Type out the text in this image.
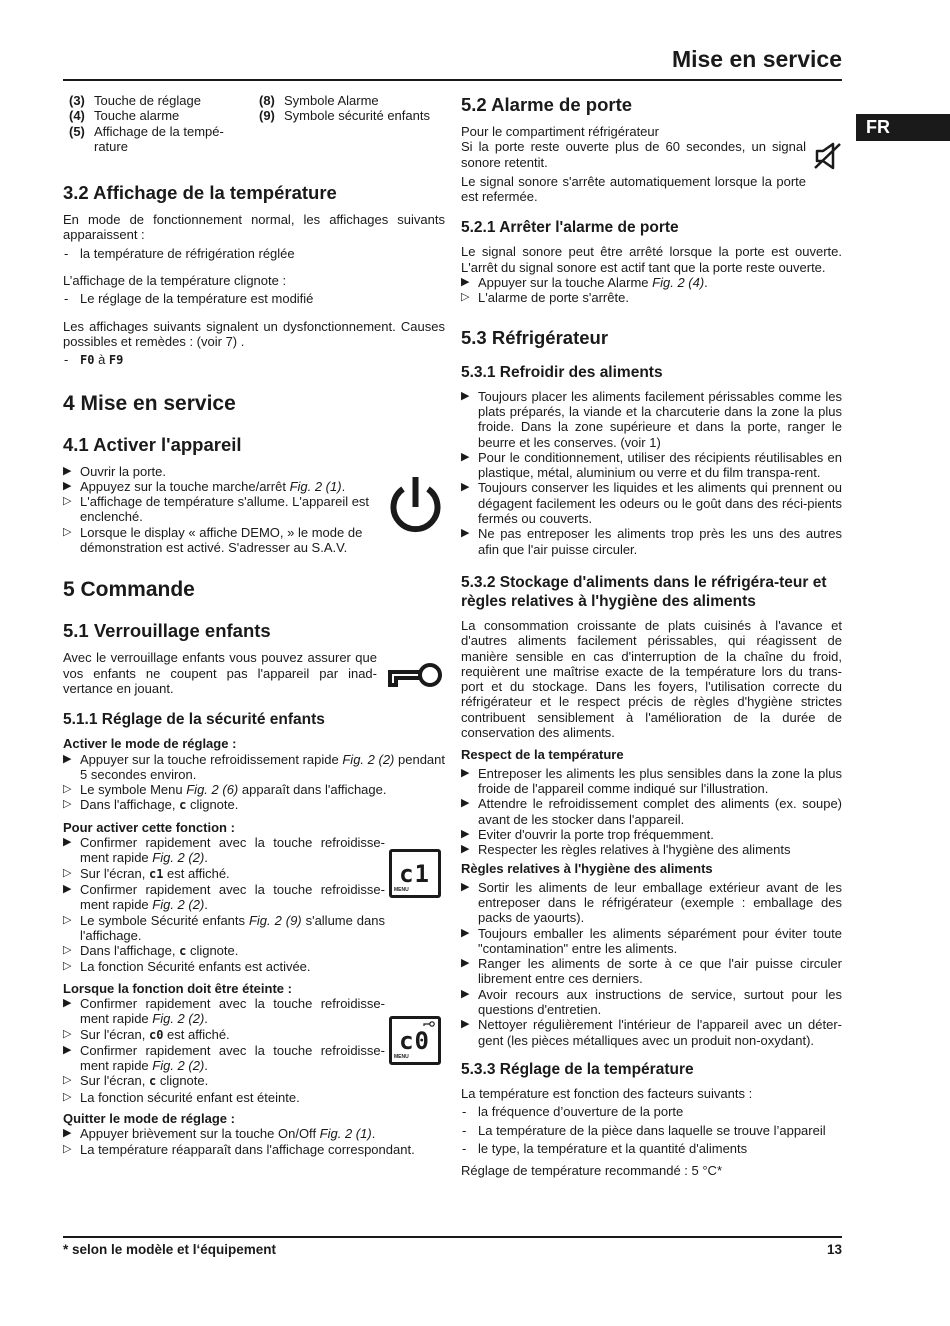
Mise en service
FR
(3) Touche de réglage
(4) Touche alarme
(5) Affichage de la tempé-
rature
(8) Symbole Alarme
(9) Symbole sécurité enfants
3.2 Affichage de la température

En mode de fonctionnement normal, les affichages suivants apparaissent :

- la température de réfrigération réglée

L’affichage de la température clignote :

- Le réglage de la température est modifié

Les affichages suivants signalent un dysfonctionnement. Causes possibles et remèdes : (voir 7) .

- F0 à F9
4 Mise en service
4.1 Activer l'appareil
▶ Ouvrir la porte.
▶ Appuyez sur la touche marche/arrêt Fig. 2 (1).
▷ L'affichage de température s'allume. L'appareil est enclenché.
▷ Lorsque le display « affiche DEMO, » le mode de démonstration est activé. S'adresser au S.A.V.
5 Commande
5.1 Verrouillage enfants

Avec le verrouillage enfants vous pouvez assurer que vos enfants ne coupent pas l'appareil par inad-vertance en jouant.

5.1.1 Réglage de la sécurité enfants
Activer le mode de réglage :
▶ Appuyer sur la touche refroidissement rapide Fig. 2 (2) pendant 5 secondes environ.
▷ Le symbole Menu Fig. 2 (6) apparaît dans l'affichage.
▷ Dans l'affichage, c clignote.
Pour activer cette fonction :
▶ Confirmer rapidement avec la touche refroidisse-ment rapide Fig. 2 (2).
▷ Sur l'écran, c1 est affiché.
▶ Confirmer rapidement avec la touche refroidisse-ment rapide Fig. 2 (2).
▷ Le symbole Sécurité enfants Fig. 2 (9) s'allume dans l'affichage.
▷ Dans l'affichage, c clignote.
▷ La fonction Sécurité enfants est activée.
Lorsque la fonction doit être éteinte :
▶ Confirmer rapidement avec la touche refroidisse-ment rapide Fig. 2 (2).
▷ Sur l'écran, c0 est affiché.
▶ Confirmer rapidement avec la touche refroidisse-ment rapide Fig. 2 (2).
▷ Sur l'écran, c clignote.
▷ La fonction sécurité enfant est éteinte.
Quitter le mode de réglage :
▶ Appuyer brièvement sur la touche On/Off Fig. 2 (1).
▷ La température réapparaît dans l'affichage correspondant.
5.2 Alarme de porte

Pour le compartiment réfrigérateur

Si la porte reste ouverte plus de 60 secondes, un signal sonore retentit.

Le signal sonore s'arrête automatiquement lorsque la porte est refermée.

5.2.1 Arrêter l'alarme de porte

Le signal sonore peut être arrêté lorsque la porte est ouverte. L'arrêt du signal sonore est actif tant que la porte reste ouverte.

▶ Appuyer sur la touche Alarme Fig. 2 (4).
▷ L'alarme de porte s'arrête.
5.3 Réfrigérateur
5.3.1 Refroidir des aliments
▶ Toujours placer les aliments facilement périssables comme les plats préparés, la viande et la charcuterie dans la zone la plus froide. Dans la zone supérieure et dans la porte, ranger le beurre et les conserves. (voir 1)
▶ Pour le conditionnement, utiliser des récipients réutilisables en plastique, métal, aluminium ou verre et du film transpa-rent.
▶ Toujours conserver les liquides et les aliments qui prennent ou dégagent facilement les odeurs ou le goût dans des réci-pients fermés ou couverts.
▶ Ne pas entreposer les aliments trop près les uns des autres afin que l'air puisse circuler.
5.3.2 Stockage d'aliments dans le réfrigéra-teur et règles relatives à l'hygiène des aliments

La consommation croissante de plats cuisinés à l'avance et d'autres aliments facilement périssables, qui réagissent de manière sensible en cas d'interruption de la chaîne du froid, requièrent une maîtrise exacte de la température lors du trans-port et du stockage. Dans les foyers, l'utilisation correcte du réfrigérateur et le respect précis de règles d'hygiène strictes contribuent sensiblement à l'amélioration de la durée de conservation des aliments.

Respect de la température
▶ Entreposer les aliments les plus sensibles dans la zone la plus froide de l'appareil comme indiqué sur l'illustration.
▶ Attendre le refroidissement complet des aliments (ex. soupe) avant de les stocker dans l'appareil.
▶ Eviter d'ouvrir la porte trop fréquemment.
▶ Respecter les règles relatives à l'hygiène des aliments
Règles relatives à l'hygiène des aliments
▶ Sortir les aliments de leur emballage extérieur avant de les entreposer dans le réfrigérateur (exemple : emballage des packs de yaourts).
▶ Toujours emballer les aliments séparément pour éviter toute "contamination" entre les aliments.
▶ Ranger les aliments de sorte à ce que l'air puisse circuler librement entre ces derniers.
▶ Avoir recours aux instructions de service, surtout pour les questions d'entretien.
▶ Nettoyer régulièrement l'intérieur de l'appareil avec un déter-gent (les pièces métalliques avec un produit non-oxydant).
5.3.3 Réglage de la température

La température est fonction des facteurs suivants :

- la fréquence d’ouverture de la porte
- La température de la pièce dans laquelle se trouve l’appareil
- le type, la température et la quantité d'aliments

Réglage de température recommandé : 5 °C*

c1
MENU
c0
MENU
* selon le modèle et l‘équipement	13
